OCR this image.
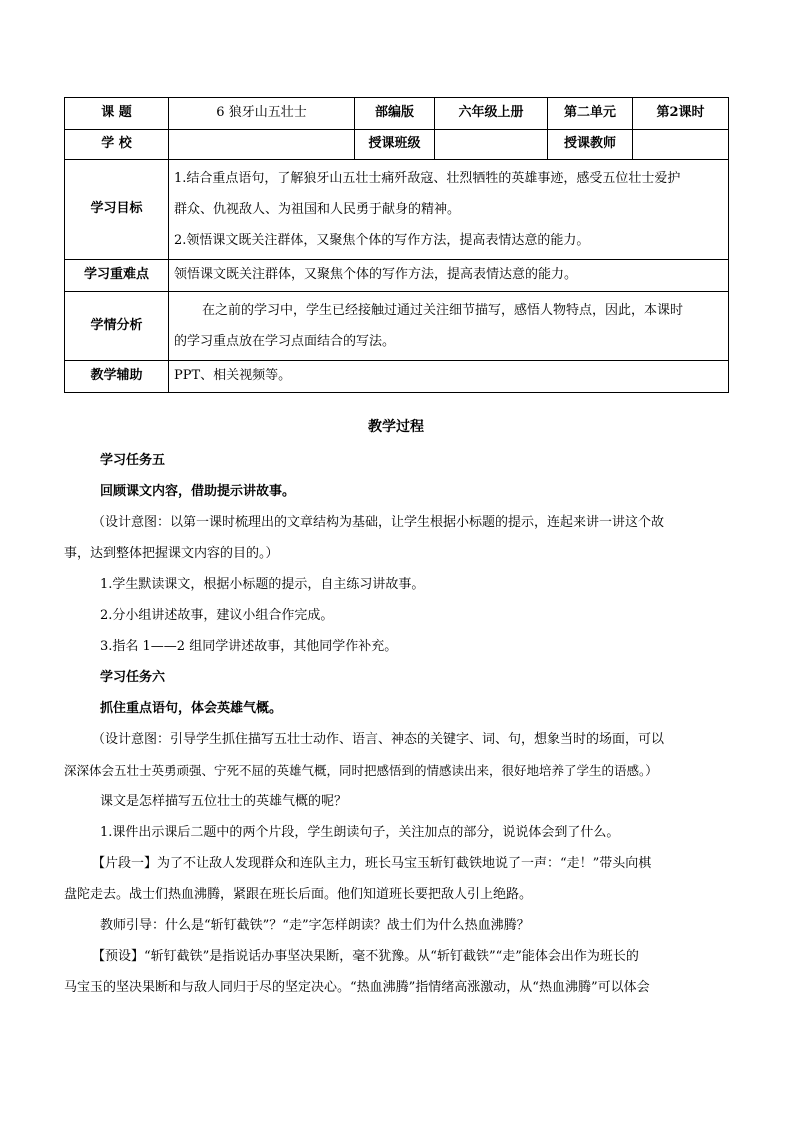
课 题	6 狼牙山五壮士	部编版	六年级上册	第二单元	第2课时
学 校		授课班级		授课教师	
学习目标	1.结合重点语句，了解狼牙山五壮士痛歼敌寇、壮烈牺牲的英雄事迹，感受五位壮士爱护
群众、仇视敌人、为祖国和人民勇于献身的精神。
2.领悟课文既关注群体，又聚焦个体的写作方法，提高表情达意的能力。				

学习重难点	领悟课文既关注群体，又聚焦个体的写作方法，提高表情达意的能力。				
学情分析	在之前的学习中，学生已经接触过通过关注细节描写，感悟人物特点，因此，本课时
的学习重点放在学习点面结合的写法。				

教学辅助	PPT、相关视频等。				
教学过程

学习任务五

回顾课文内容，借助提示讲故事。

（设计意图：以第一课时梳理出的文章结构为基础，让学生根据小标题的提示，连起来讲一讲这个故

事，达到整体把握课文内容的目的。）

1.学生默读课文，根据小标题的提示，自主练习讲故事。

2.分小组讲述故事，建议小组合作完成。

3.指名 1——2 组同学讲述故事，其他同学作补充。

学习任务六

抓住重点语句，体会英雄气概。

（设计意图：引导学生抓住描写五壮士动作、语言、神态的关键字、词、句，想象当时的场面，可以

深深体会五壮士英勇顽强、宁死不屈的英雄气概，同时把感悟到的情感读出来，很好地培养了学生的语感。）

课文是怎样描写五位壮士的英雄气概的呢？

1.课件出示课后二题中的两个片段，学生朗读句子，关注加点的部分，说说体会到了什么。

【片段一】为了不让敌人发现群众和连队主力，班长马宝玉斩钉截铁地说了一声：“走！”带头向棋

盘陀走去。战士们热血沸腾，紧跟在班长后面。他们知道班长要把敌人引上绝路。

教师引导：什么是“斩钉截铁”？“走”字怎样朗读？战士们为什么热血沸腾？

【预设】“斩钉截铁”是指说话办事坚决果断，毫不犹豫。从“斩钉截铁”“走”能体会出作为班长的

马宝玉的坚决果断和与敌人同归于尽的坚定决心。“热血沸腾”指情绪高涨激动，从“热血沸腾”可以体会
